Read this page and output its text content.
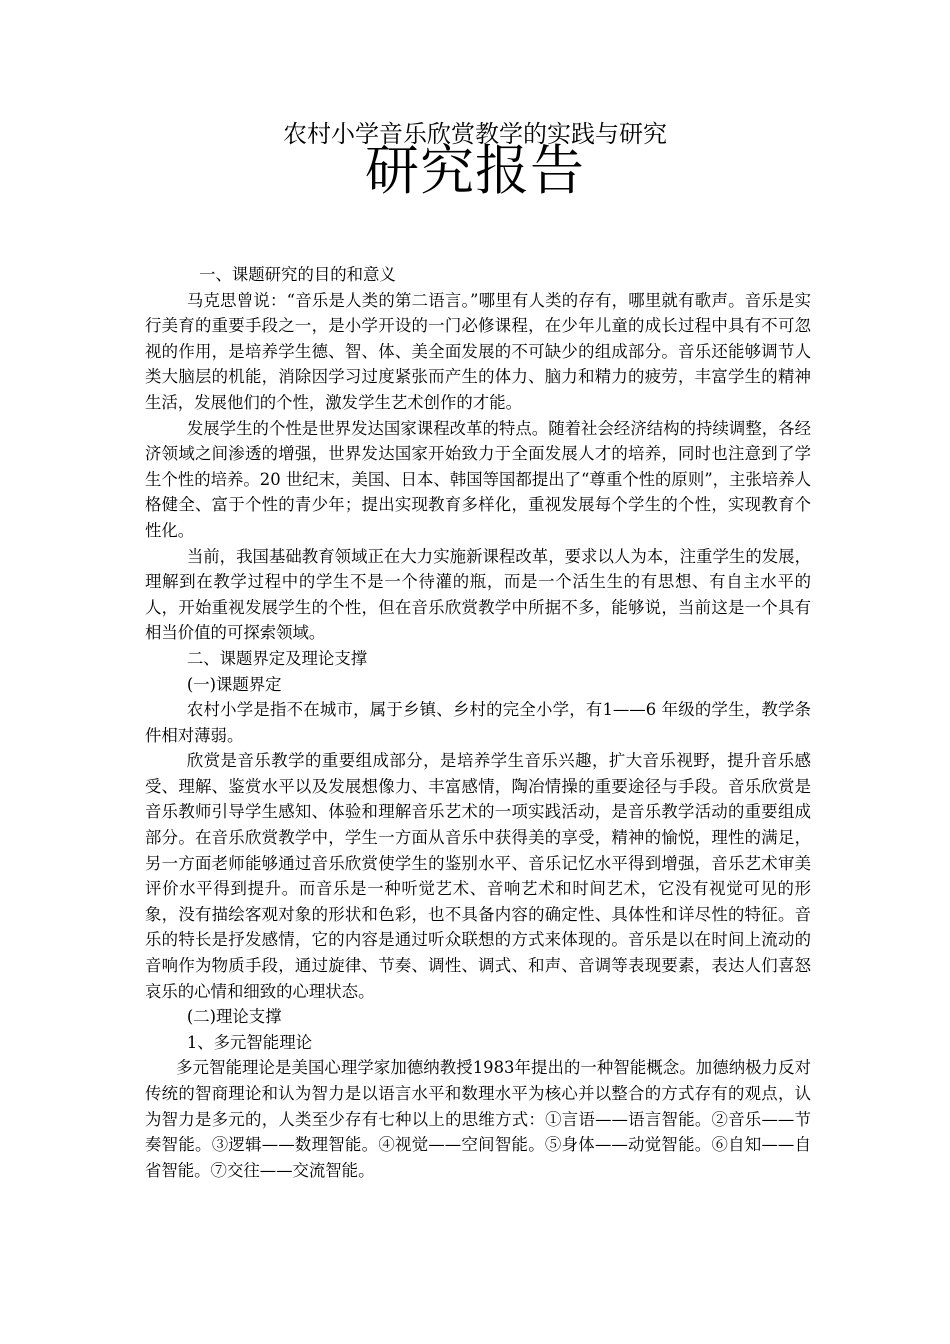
农村小学音乐欣赏教学的实践与研究
研究报告

一、课题研究的目的和意义

马克思曾说：“音乐是人类的第二语言。”哪里有人类的存有，哪里就有歌声。音乐是实行美育的重要手段之一，是小学开设的一门必修课程，在少年儿童的成长过程中具有不可忽视的作用，是培养学生德、智、体、美全面发展的不可缺少的组成部分。音乐还能够调节人类大脑层的机能，消除因学习过度紧张而产生的体力、脑力和精力的疲劳，丰富学生的精神生活，发展他们的个性，激发学生艺术创作的才能。

发展学生的个性是世界发达国家课程改革的特点。随着社会经济结构的持续调整，各经济领域之间渗透的增强，世界发达国家开始致力于全面发展人才的培养，同时也注意到了学生个性的培养。20 世纪末，美国、日本、韩国等国都提出了“尊重个性的原则”，主张培养人格健全、富于个性的青少年；提出实现教育多样化，重视发展每个学生的个性，实现教育个性化。

当前，我国基础教育领域正在大力实施新课程改革，要求以人为本，注重学生的发展，理解到在教学过程中的学生不是一个待灌的瓶，而是一个活生生的有思想、有自主水平的人，开始重视发展学生的个性，但在音乐欣赏教学中所据不多，能够说，当前这是一个具有相当价值的可探索领域。

二、课题界定及理论支撑

(一)课题界定

农村小学是指不在城市，属于乡镇、乡村的完全小学，有1——6 年级的学生，教学条件相对薄弱。

欣赏是音乐教学的重要组成部分，是培养学生音乐兴趣，扩大音乐视野，提升音乐感受、理解、鉴赏水平以及发展想像力、丰富感情，陶冶情操的重要途径与手段。音乐欣赏是音乐教师引导学生感知、体验和理解音乐艺术的一项实践活动，是音乐教学活动的重要组成部分。在音乐欣赏教学中，学生一方面从音乐中获得美的享受，精神的愉悦，理性的满足，另一方面老师能够通过音乐欣赏使学生的鉴别水平、音乐记忆水平得到增强，音乐艺术审美评价水平得到提升。而音乐是一种听觉艺术、音响艺术和时间艺术，它没有视觉可见的形象，没有描绘客观对象的形状和色彩，也不具备内容的确定性、具体性和详尽性的特征。音乐的特长是抒发感情，它的内容是通过听众联想的方式来体现的。音乐是以在时间上流动的音响作为物质手段，通过旋律、节奏、调性、调式、和声、音调等表现要素，表达人们喜怒哀乐的心情和细致的心理状态。

(二)理论支撑

1、多元智能理论

多元智能理论是美国心理学家加德纳教授1983年提出的一种智能概念。加德纳极力反对传统的智商理论和认为智力是以语言水平和数理水平为核心并以整合的方式存有的观点，认为智力是多元的，人类至少存有七种以上的思维方式：①言语——语言智能。②音乐——节奏智能。③逻辑——数理智能。④视觉——空间智能。⑤身体——动觉智能。⑥自知——自省智能。⑦交往——交流智能。
